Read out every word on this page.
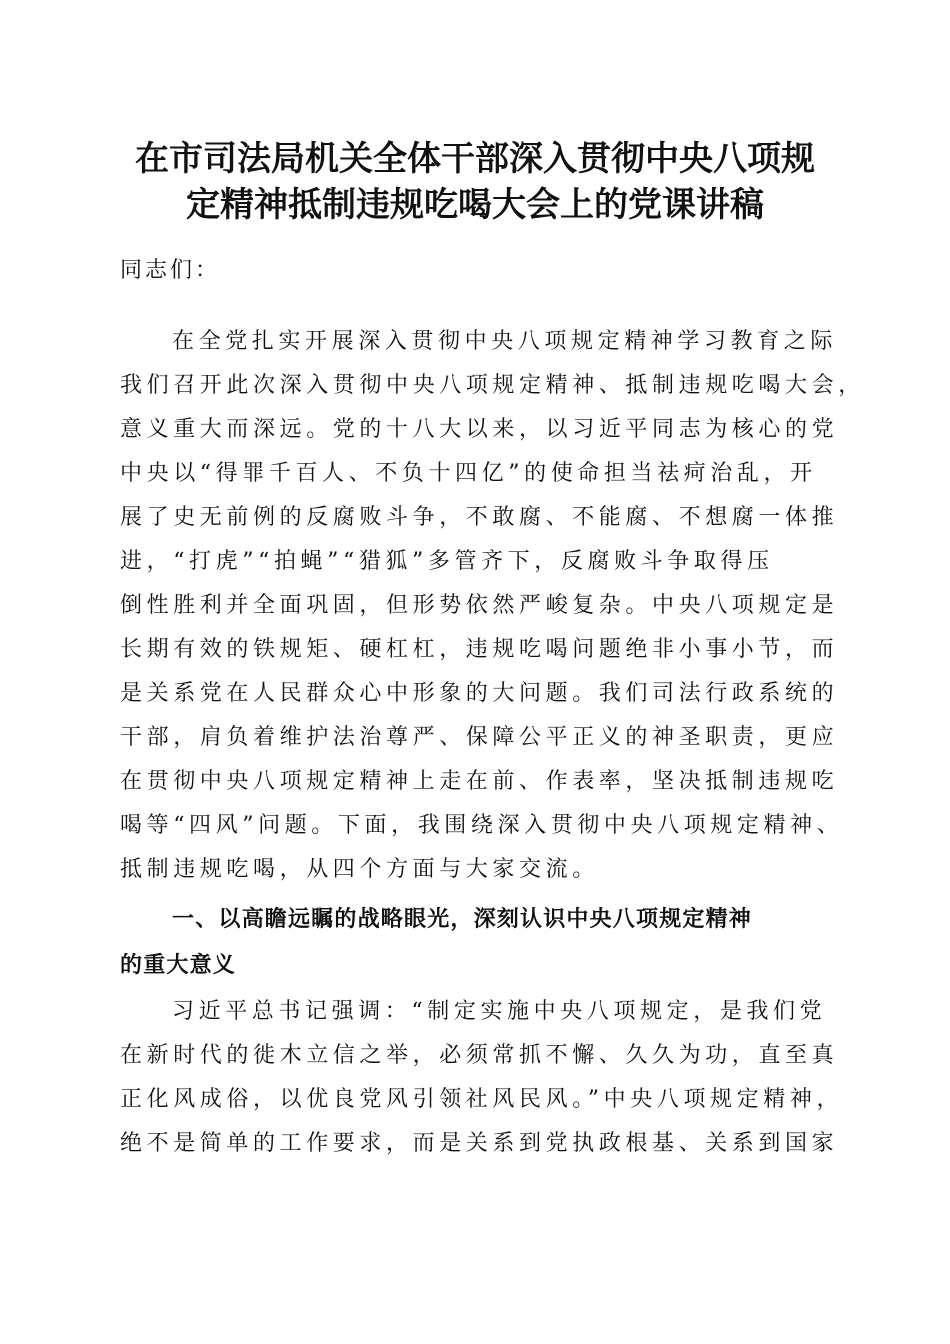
在市司法局机关全体干部深入贯彻中央八项规
定精神抵制违规吃喝大会上的党课讲稿
同志们：
在全党扎实开展深入贯彻中央八项规定精神学习教育之际
我们召开此次深入贯彻中央八项规定精神、抵制违规吃喝大会，
意义重大而深远。党的十八大以来，以习近平同志为核心的党
中央以“得罪千百人、不负十四亿”的使命担当祛疴治乱，开
展了史无前例的反腐败斗争，不敢腐、不能腐、不想腐一体推
进，“打虎”“拍蝇”“猎狐”多管齐下，反腐败斗争取得压
倒性胜利并全面巩固，但形势依然严峻复杂。中央八项规定是
长期有效的铁规矩、硬杠杠，违规吃喝问题绝非小事小节，而
是关系党在人民群众心中形象的大问题。我们司法行政系统的
干部，肩负着维护法治尊严、保障公平正义的神圣职责，更应
在贯彻中央八项规定精神上走在前、作表率，坚决抵制违规吃
喝等“四风”问题。下面，我围绕深入贯彻中央八项规定精神、
抵制违规吃喝，从四个方面与大家交流。
一、以高瞻远瞩的战略眼光，深刻认识中央八项规定精神
的重大意义
习近平总书记强调：“制定实施中央八项规定，是我们党
在新时代的徙木立信之举，必须常抓不懈、久久为功，直至真
正化风成俗，以优良党风引领社风民风。”中央八项规定精神，
绝不是简单的工作要求，而是关系到党执政根基、关系到国家
